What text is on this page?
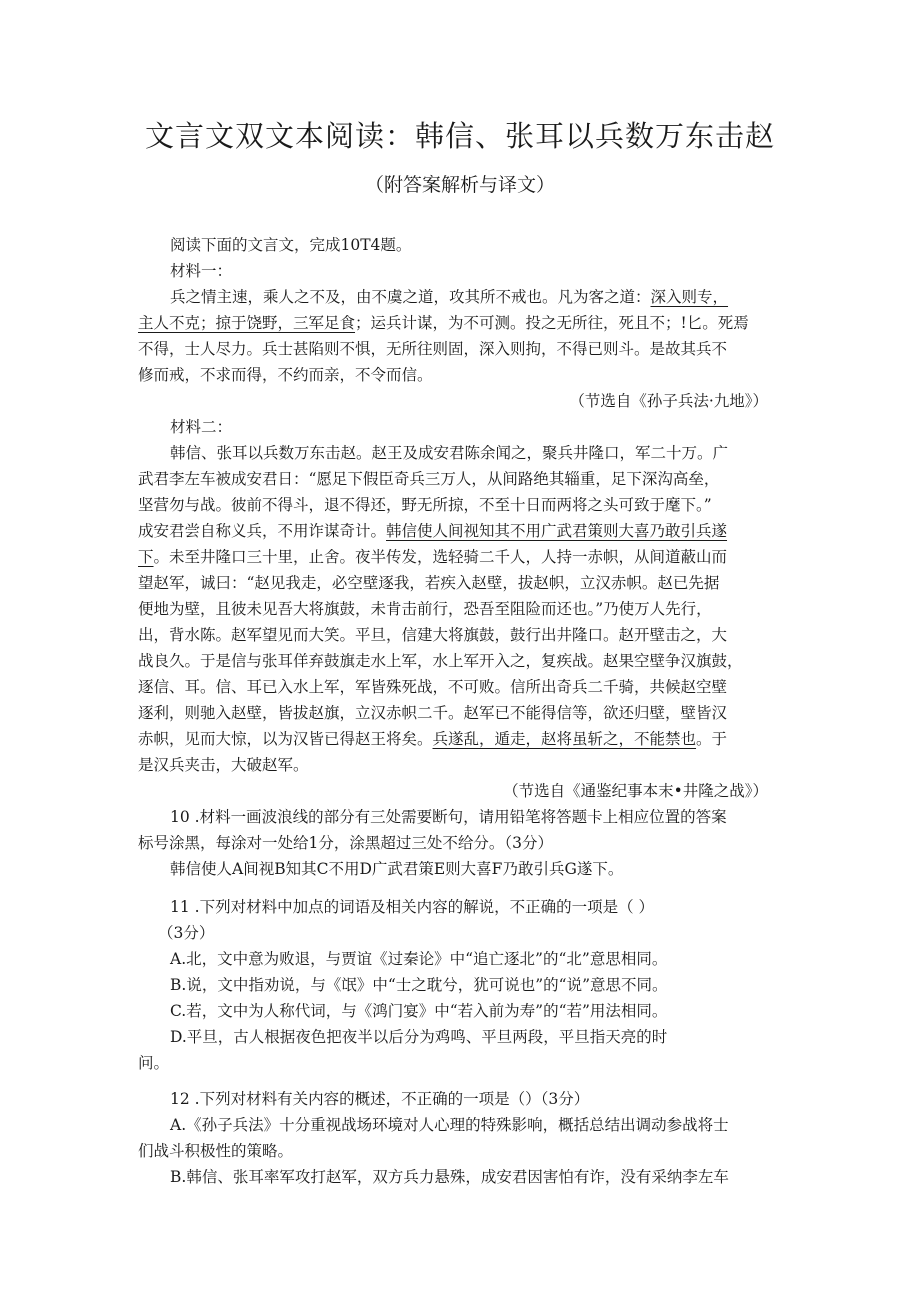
文言文双文本阅读：韩信、张耳以兵数万东击赵
（附答案解析与译文）
阅读下面的文言文，完成10T4题。
材料一：
兵之情主速，乘人之不及，由不虞之道，攻其所不戒也。凡为客之道：深入则专，
主人不克；掠于饶野，三军足食；运兵计谋，为不可测。投之无所往，死且不；!匕。死焉
不得，士人尽力。兵士甚陷则不惧，无所往则固，深入则拘，不得已则斗。是故其兵不
修而戒，不求而得，不约而亲，不令而信。
（节选自《孙子兵法·九地》）
材料二：
韩信、张耳以兵数万东击赵。赵王及成安君陈余闻之，聚兵井隆口，军二十万。广
武君李左车被成安君日：“愿足下假臣奇兵三万人，从间路绝其辎重，足下深沟高垒，
坚营勿与战。彼前不得斗，退不得还，野无所掠，不至十日而两将之头可致于麾下。”
成安君尝自称义兵，不用诈谋奇计。韩信使人间视知其不用广武君策则大喜乃敢引兵遂
下。未至井隆口三十里，止舍。夜半传发，选轻骑二千人，人持一赤帜，从间道蔽山而
望赵军，诚曰：“赵见我走，必空壁逐我，若疾入赵壁，拔赵帜，立汉赤帜。赵已先据
便地为壁，且彼未见吾大将旗鼓，未肯击前行，恐吾至阻险而还也。”乃使万人先行，
出，背水陈。赵军望见而大笑。平旦，信建大将旗鼓，鼓行出井隆口。赵开壁击之，大
战良久。于是信与张耳佯弃鼓旗走水上军，水上军开入之，复疾战。赵果空壁争汉旗鼓，
逐信、耳。信、耳已入水上军，军皆殊死战，不可败。信所出奇兵二千骑，共候赵空壁
逐利，则驰入赵壁，皆拔赵旗，立汉赤帜二千。赵军已不能得信等，欲还归壁，壁皆汉
赤帜，见而大惊，以为汉皆已得赵王将矣。兵遂乱，遁走，赵将虽斩之，不能禁也。于
是汉兵夹击，大破赵军。
（节选自《通鉴纪事本末•井隆之战》）
10 .材料一画波浪线的部分有三处需要断句，请用铅笔将答题卡上相应位置的答案
标号涂黑，每涂对一处给1分，涂黑超过三处不给分。（3分）
韩信使人A间视B知其C不用D广武君策E则大喜F乃敢引兵G遂下。
11 .下列对材料中加点的词语及相关内容的解说，不正确的一项是（ ）
（3分）
A.北，文中意为败退，与贾谊《过秦论》中“追亡逐北”的“北”意思相同。
B.说，文中指劝说，与《氓》中“士之耽兮，犹可说也”的“说”意思不同。
C.若，文中为人称代词，与《鸿门宴》中“若入前为寿”的“若”用法相同。
D.平旦，古人根据夜色把夜半以后分为鸡鸣、平旦两段，平旦指天亮的时
问。
12 .下列对材料有关内容的概述，不正确的一项是（）（3分）
A.《孙子兵法》十分重视战场环境对人心理的特殊影响，概括总结出调动参战将士
们战斗积极性的策略。
B.韩信、张耳率军攻打赵军，双方兵力悬殊，成安君因害怕有诈，没有采纳李左车
